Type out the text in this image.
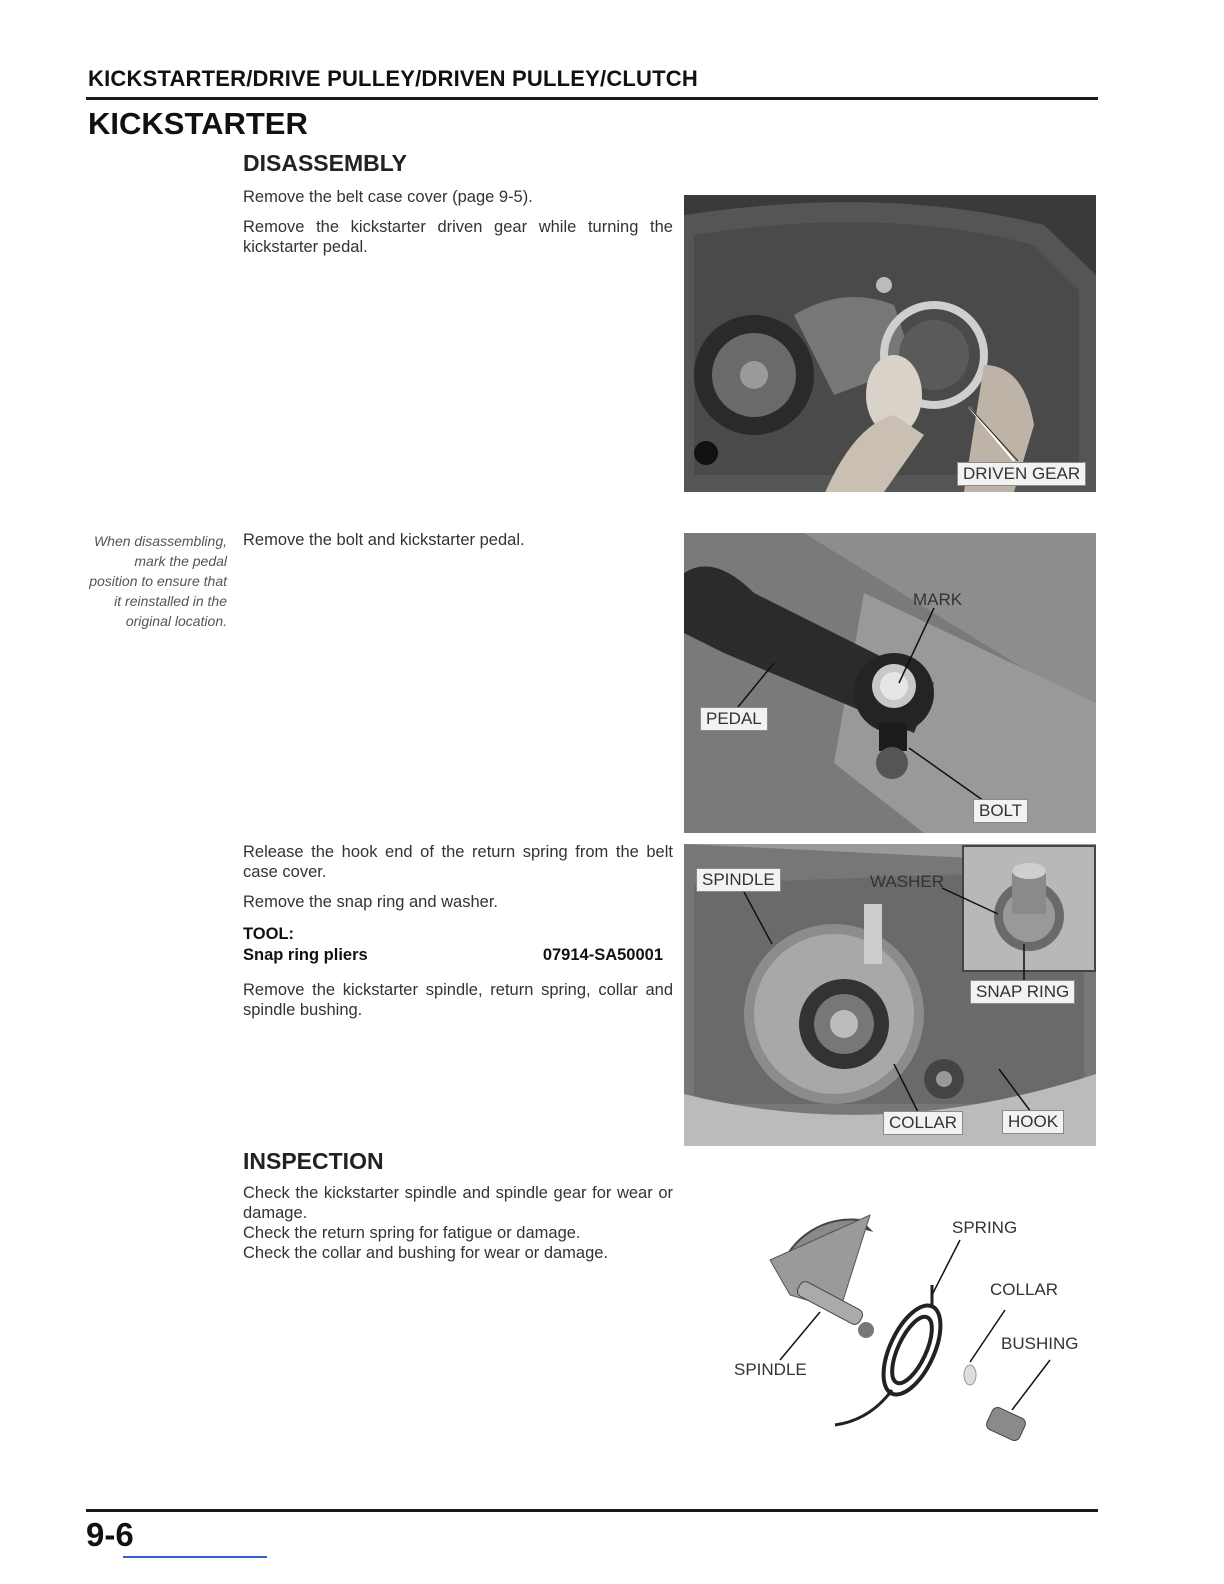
KICKSTARTER/DRIVE PULLEY/DRIVEN PULLEY/CLUTCH
KICKSTARTER
DISASSEMBLY

Remove the belt case cover (page 9-5).

Remove the kickstarter driven gear while turning the kickstarter pedal.

When disassembling, mark the pedal position to ensure that it reinstalled in the original location.

Remove the bolt and kickstarter pedal.

Release the hook end of the return spring from the belt case cover.

Remove the snap ring and washer.

TOOL:
Snap ring pliers	07914-SA50001

Remove the kickstarter spindle, return spring, collar and spindle bushing.

INSPECTION

Check the kickstarter spindle and spindle gear for wear or damage.

Check the return spring for fatigue or damage.

Check the collar and bushing for wear or damage.

DRIVEN GEAR
MARK
PEDAL
BOLT
SPINDLE	WASHER
SNAP RING
COLLAR	HOOK
SPRING
COLLAR
BUSHING
SPINDLE
9-6
